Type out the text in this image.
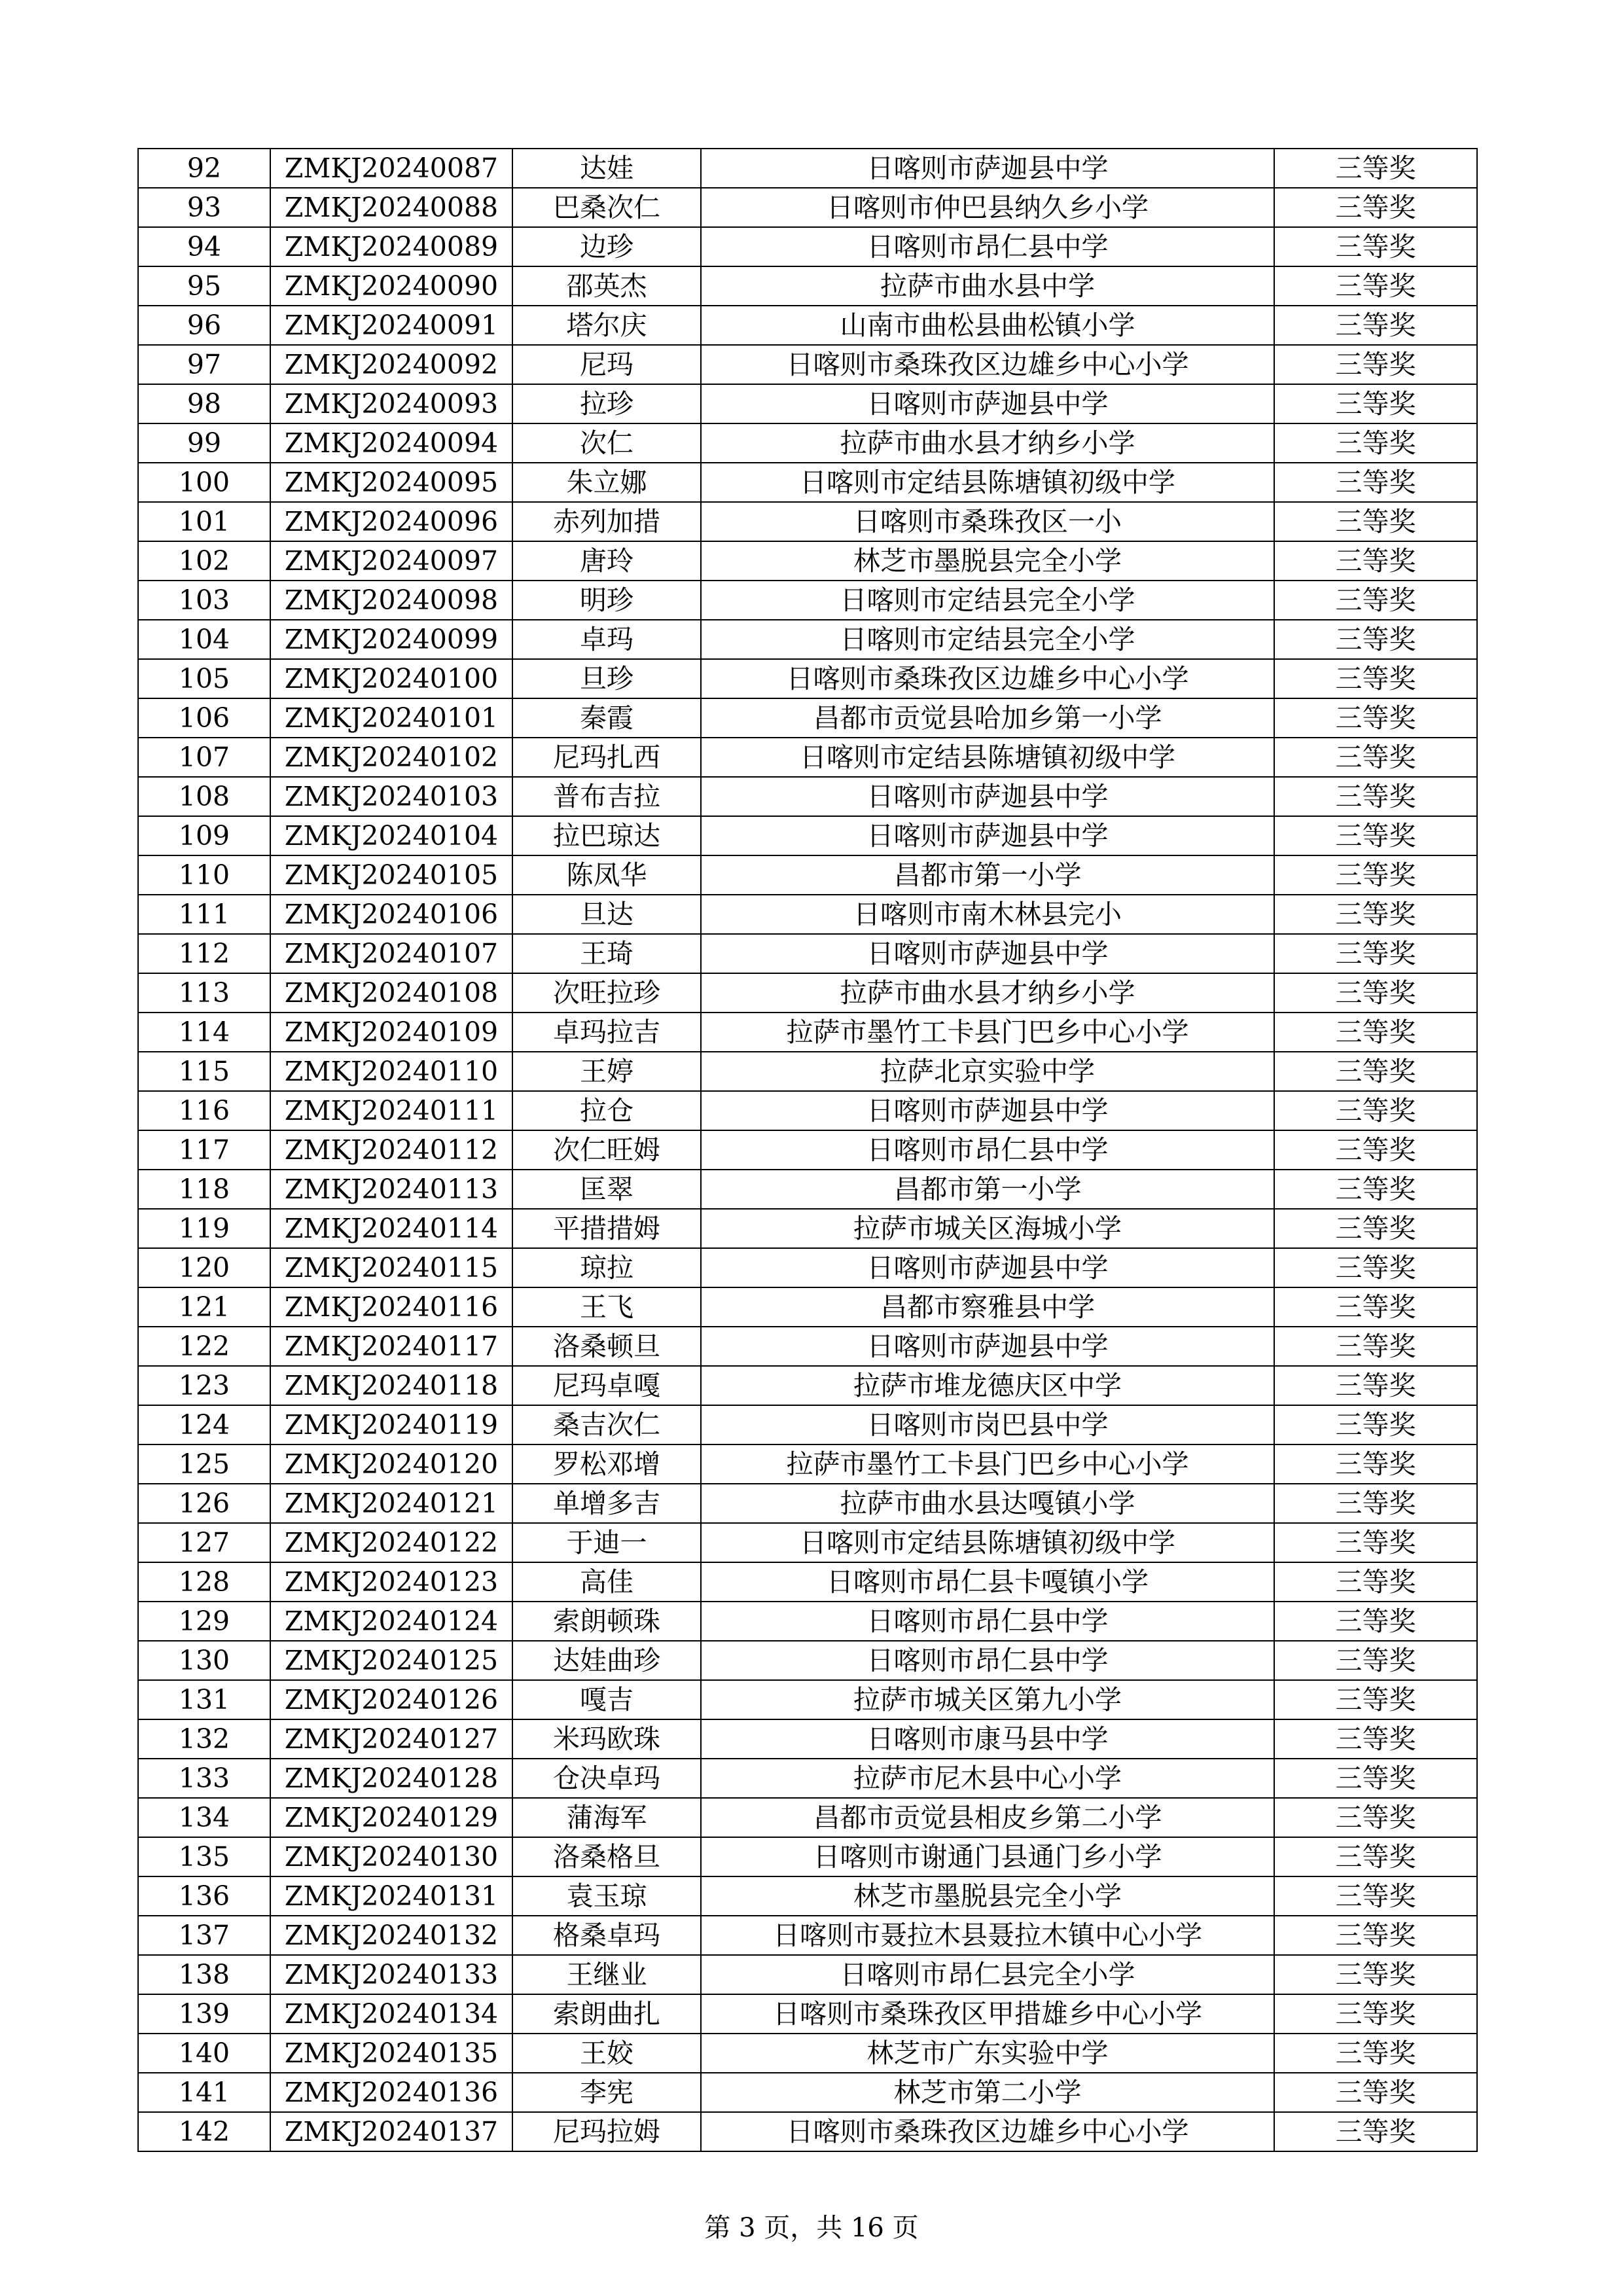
92	ZMKJ20240087	达娃	日喀则市萨迦县中学	三等奖
93	ZMKJ20240088	巴桑次仁	日喀则市仲巴县纳久乡小学	三等奖
94	ZMKJ20240089	边珍	日喀则市昂仁县中学	三等奖
95	ZMKJ20240090	邵英杰	拉萨市曲水县中学	三等奖
96	ZMKJ20240091	塔尔庆	山南市曲松县曲松镇小学	三等奖
97	ZMKJ20240092	尼玛	日喀则市桑珠孜区边雄乡中心小学	三等奖
98	ZMKJ20240093	拉珍	日喀则市萨迦县中学	三等奖
99	ZMKJ20240094	次仁	拉萨市曲水县才纳乡小学	三等奖
100	ZMKJ20240095	朱立娜	日喀则市定结县陈塘镇初级中学	三等奖
101	ZMKJ20240096	赤列加措	日喀则市桑珠孜区一小	三等奖
102	ZMKJ20240097	唐玲	林芝市墨脱县完全小学	三等奖
103	ZMKJ20240098	明珍	日喀则市定结县完全小学	三等奖
104	ZMKJ20240099	卓玛	日喀则市定结县完全小学	三等奖
105	ZMKJ20240100	旦珍	日喀则市桑珠孜区边雄乡中心小学	三等奖
106	ZMKJ20240101	秦霞	昌都市贡觉县哈加乡第一小学	三等奖
107	ZMKJ20240102	尼玛扎西	日喀则市定结县陈塘镇初级中学	三等奖
108	ZMKJ20240103	普布吉拉	日喀则市萨迦县中学	三等奖
109	ZMKJ20240104	拉巴琼达	日喀则市萨迦县中学	三等奖
110	ZMKJ20240105	陈凤华	昌都市第一小学	三等奖
111	ZMKJ20240106	旦达	日喀则市南木林县完小	三等奖
112	ZMKJ20240107	王琦	日喀则市萨迦县中学	三等奖
113	ZMKJ20240108	次旺拉珍	拉萨市曲水县才纳乡小学	三等奖
114	ZMKJ20240109	卓玛拉吉	拉萨市墨竹工卡县门巴乡中心小学	三等奖
115	ZMKJ20240110	王婷	拉萨北京实验中学	三等奖
116	ZMKJ20240111	拉仓	日喀则市萨迦县中学	三等奖
117	ZMKJ20240112	次仁旺姆	日喀则市昂仁县中学	三等奖
118	ZMKJ20240113	匡翠	昌都市第一小学	三等奖
119	ZMKJ20240114	平措措姆	拉萨市城关区海城小学	三等奖
120	ZMKJ20240115	琼拉	日喀则市萨迦县中学	三等奖
121	ZMKJ20240116	王飞	昌都市察雅县中学	三等奖
122	ZMKJ20240117	洛桑顿旦	日喀则市萨迦县中学	三等奖
123	ZMKJ20240118	尼玛卓嘎	拉萨市堆龙德庆区中学	三等奖
124	ZMKJ20240119	桑吉次仁	日喀则市岗巴县中学	三等奖
125	ZMKJ20240120	罗松邓增	拉萨市墨竹工卡县门巴乡中心小学	三等奖
126	ZMKJ20240121	单增多吉	拉萨市曲水县达嘎镇小学	三等奖
127	ZMKJ20240122	于迪一	日喀则市定结县陈塘镇初级中学	三等奖
128	ZMKJ20240123	高佳	日喀则市昂仁县卡嘎镇小学	三等奖
129	ZMKJ20240124	索朗顿珠	日喀则市昂仁县中学	三等奖
130	ZMKJ20240125	达娃曲珍	日喀则市昂仁县中学	三等奖
131	ZMKJ20240126	嘎吉	拉萨市城关区第九小学	三等奖
132	ZMKJ20240127	米玛欧珠	日喀则市康马县中学	三等奖
133	ZMKJ20240128	仓决卓玛	拉萨市尼木县中心小学	三等奖
134	ZMKJ20240129	蒲海军	昌都市贡觉县相皮乡第二小学	三等奖
135	ZMKJ20240130	洛桑格旦	日喀则市谢通门县通门乡小学	三等奖
136	ZMKJ20240131	袁玉琼	林芝市墨脱县完全小学	三等奖
137	ZMKJ20240132	格桑卓玛	日喀则市聂拉木县聂拉木镇中心小学	三等奖
138	ZMKJ20240133	王继业	日喀则市昂仁县完全小学	三等奖
139	ZMKJ20240134	索朗曲扎	日喀则市桑珠孜区甲措雄乡中心小学	三等奖
140	ZMKJ20240135	王姣	林芝市广东实验中学	三等奖
141	ZMKJ20240136	李宪	林芝市第二小学	三等奖
142	ZMKJ20240137	尼玛拉姆	日喀则市桑珠孜区边雄乡中心小学	三等奖
第 3 页，共 16 页
